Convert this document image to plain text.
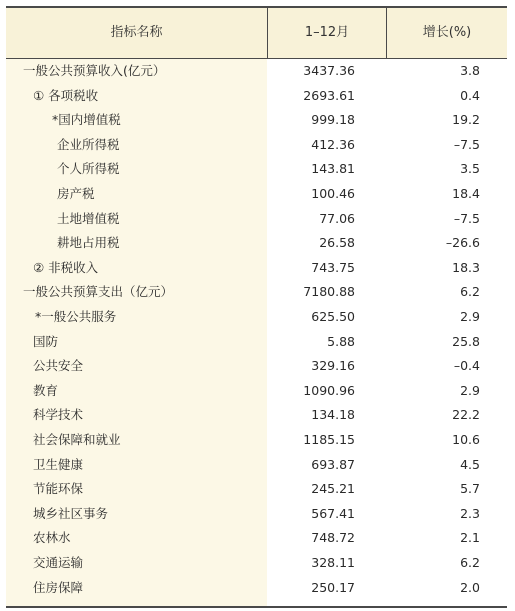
指标名称	1–12月	增长(%)
一般公共预算收入(亿元）	3437.36	3.8
① 各项税收	2693.61	0.4
*国内增值税	999.18	19.2
企业所得税	412.36	–7.5
个人所得税	143.81	3.5
房产税	100.46	18.4
土地增值税	77.06	–7.5
耕地占用税	26.58	–26.6
② 非税收入	743.75	18.3
一般公共预算支出（亿元）	7180.88	6.2
*一般公共服务	625.50	2.9
国防	5.88	25.8
公共安全	329.16	–0.4
教育	1090.96	2.9
科学技术	134.18	22.2
社会保障和就业	1185.15	10.6
卫生健康	693.87	4.5
节能环保	245.21	5.7
城乡社区事务	567.41	2.3
农林水	748.72	2.1
交通运输	328.11	6.2
住房保障	250.17	2.0
